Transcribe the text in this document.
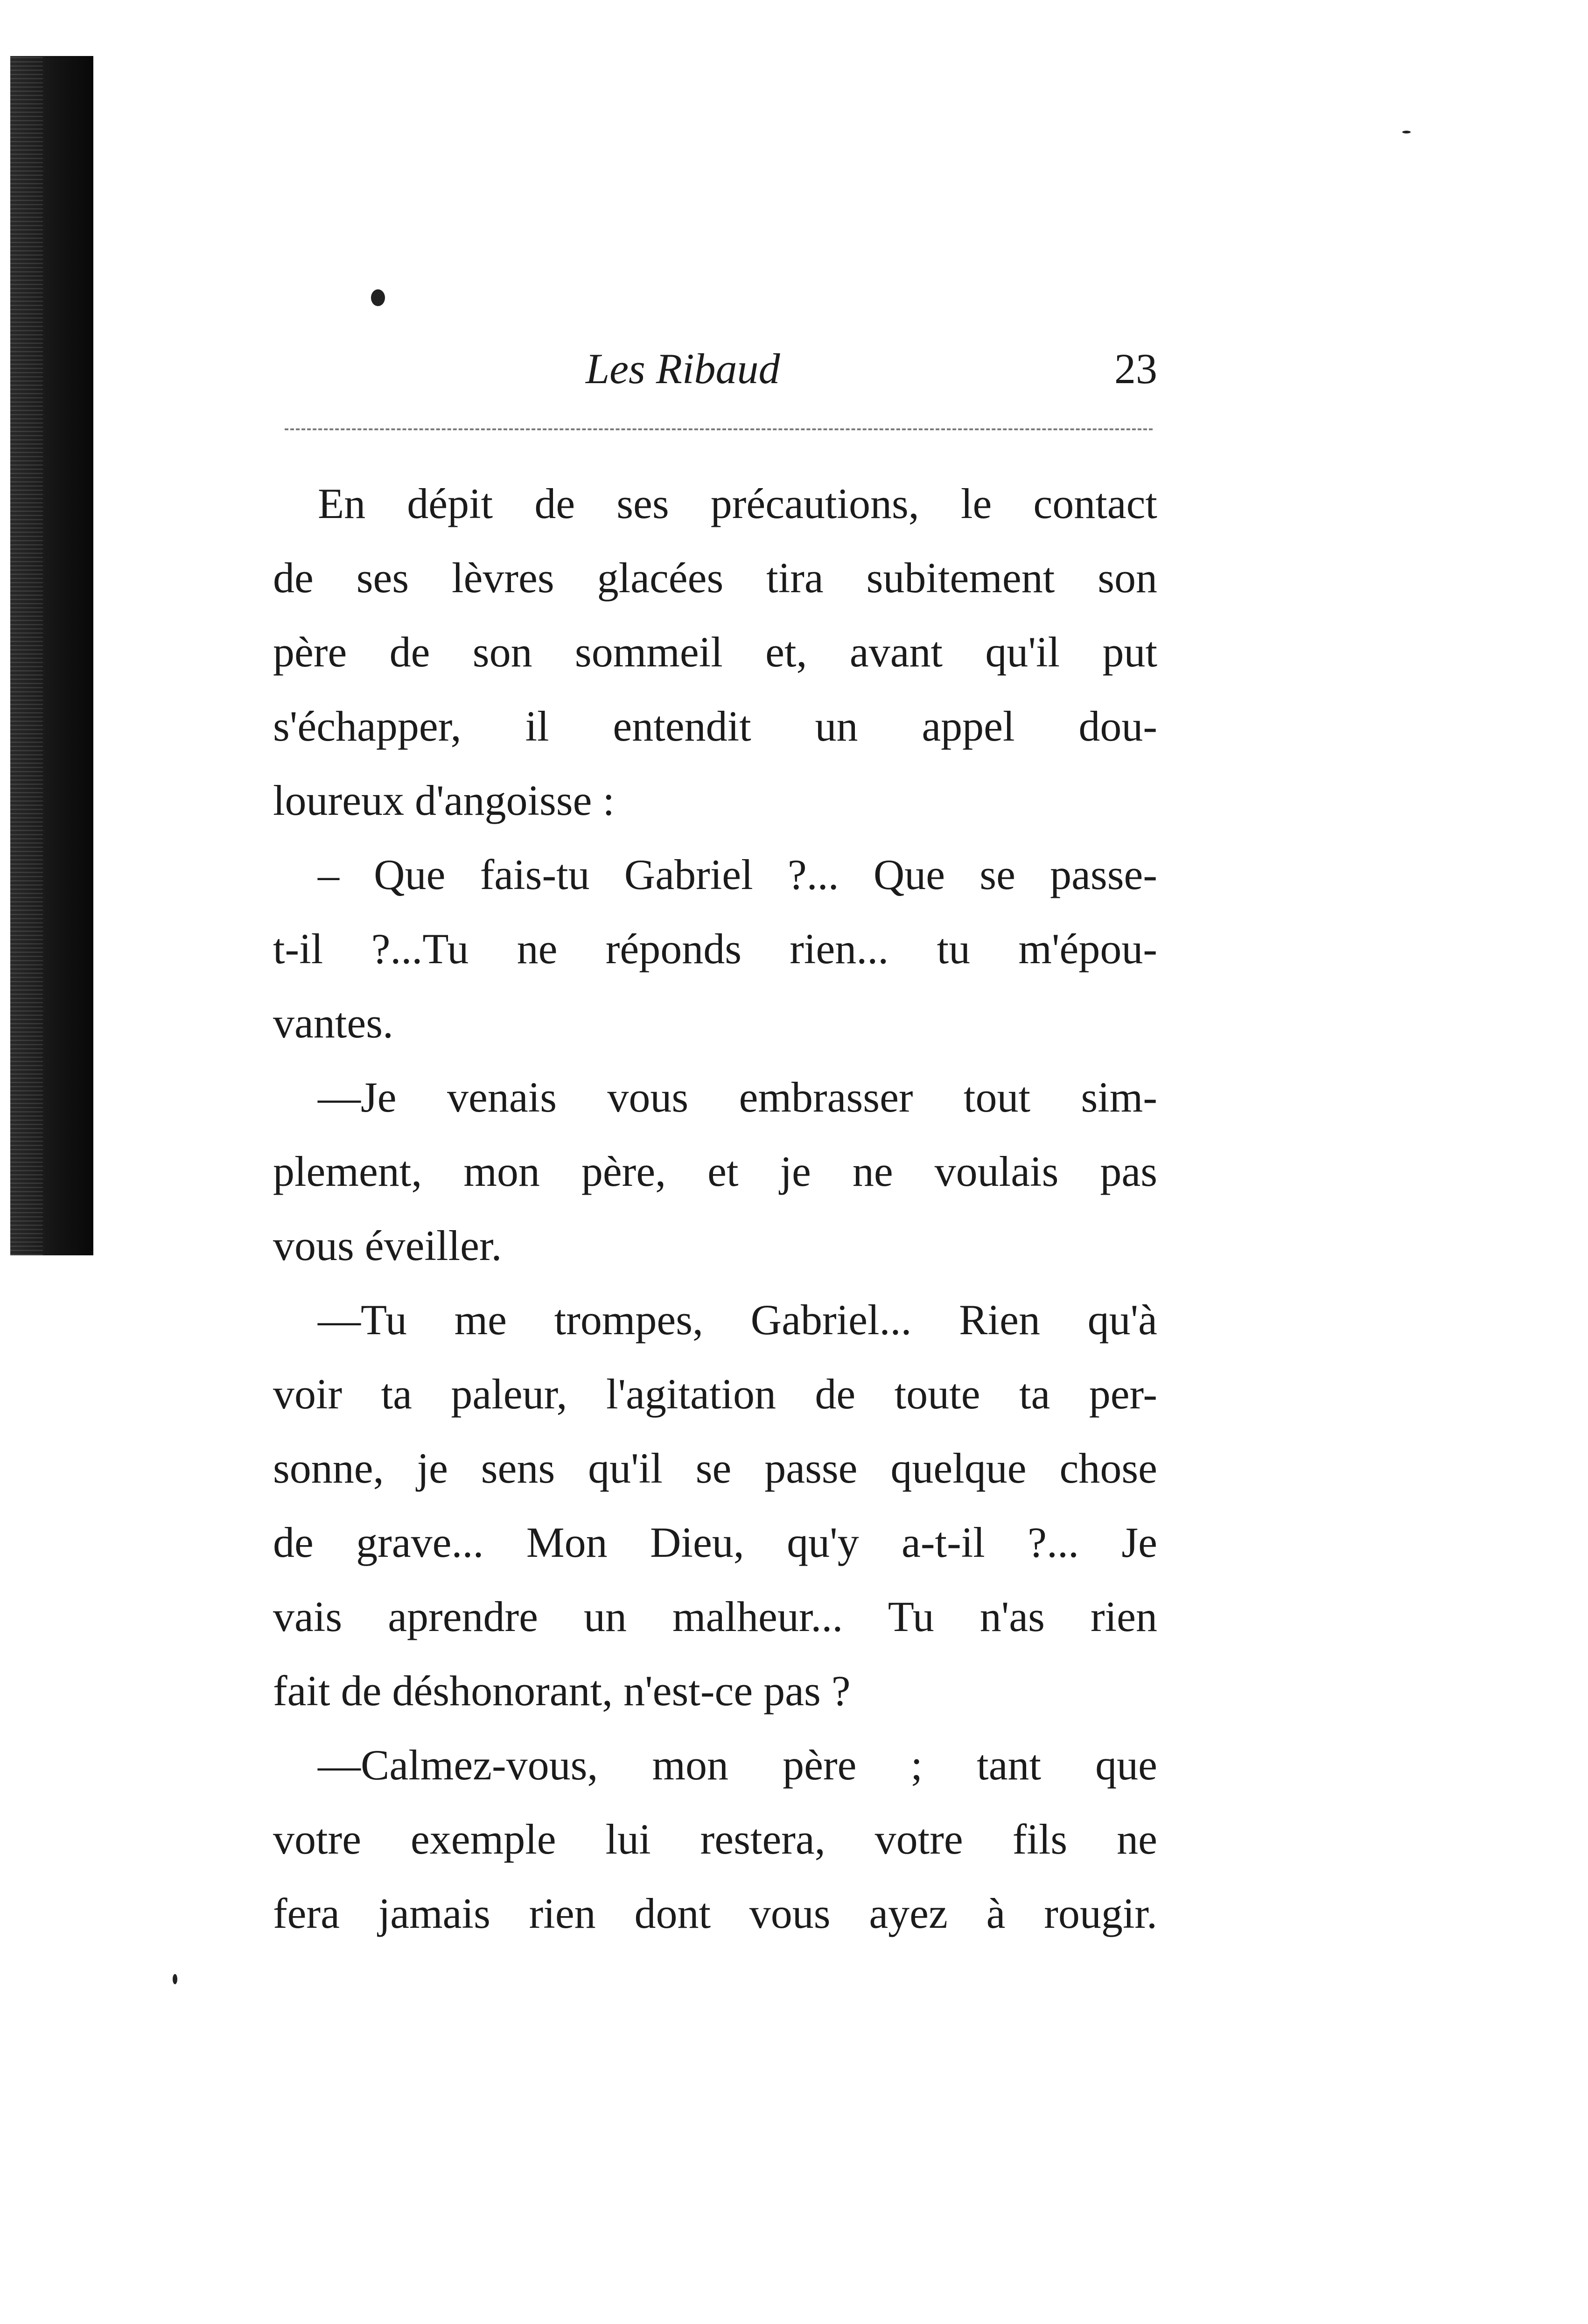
Les Ribaud	23
En dépit de ses précautions, le contact
de ses lèvres glacées tira subitement son
père de son sommeil et, avant qu'il put
s'échapper, il entendit un appel dou-
loureux d'angoisse :
– Que fais-tu Gabriel ?... Que se passe-
t-il ?...Tu ne réponds rien... tu m'épou-
vantes.
—Je venais vous embrasser tout sim-
plement, mon père, et je ne voulais pas
vous éveiller.
—Tu me trompes, Gabriel... Rien qu'à
voir ta paleur, l'agitation de toute ta per-
sonne, je sens qu'il se passe quelque chose
de grave... Mon Dieu, qu'y a-t-il ?... Je
vais aprendre un malheur... Tu n'as rien
fait de déshonorant, n'est-ce pas ?
—Calmez-vous, mon père ; tant que
votre exemple lui restera, votre fils ne
fera jamais rien dont vous ayez à rougir.
